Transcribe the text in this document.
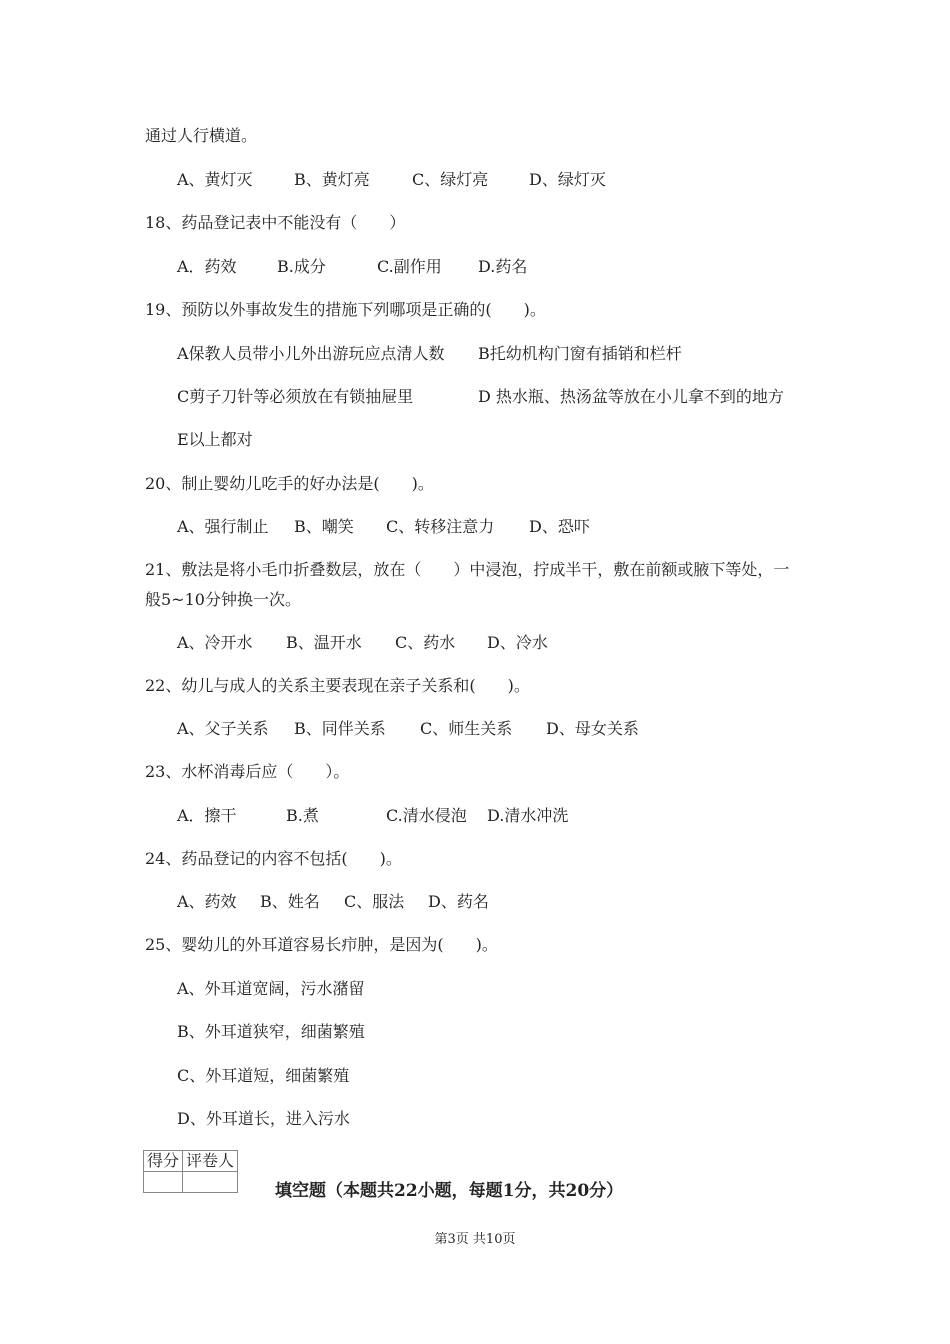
通过人行横道。
A、黄灯灭	B、黄灯亮	C、绿灯亮	D、绿灯灭
18、药品登记表中不能没有（　　）
A．药效	B.成分	C.副作用 D.药名
19、预防以外事故发生的措施下列哪项是正确的(　　)。
A保教人员带小儿外出游玩应点清人数 B托幼机构门窗有插销和栏杆
C剪子刀针等必须放在有锁抽屉里	D 热水瓶、热汤盆等放在小儿拿不到的地方
E以上都对
20、制止婴幼儿吃手的好办法是(　　)。
A、强行制止 B、嘲笑 C、转移注意力 D、恐吓
21、敷法是将小毛巾折叠数层，放在（　　）中浸泡，拧成半干，敷在前额或腋下等处，一
般5~10分钟换一次。
A、冷开水 B、温开水 C、药水 D、冷水
22、幼儿与成人的关系主要表现在亲子关系和(　　)。
A、父子关系 B、同伴关系 C、师生关系 D、母女关系
23、水杯消毒后应（　　）。
A．擦干	B.煮	C.清水侵泡 D.清水冲洗
24、药品登记的内容不包括(　　)。
A、药效 B、姓名 C、服法 D、药名
25、婴幼儿的外耳道容易长疖肿，是因为(　　)。
A、外耳道宽阔，污水潴留
B、外耳道狭窄，细菌繁殖
C、外耳道短，细菌繁殖
D、外耳道长，进入污水
得分	评卷人

填空题（本题共22小题，每题1分，共20分）
第3页 共10页
